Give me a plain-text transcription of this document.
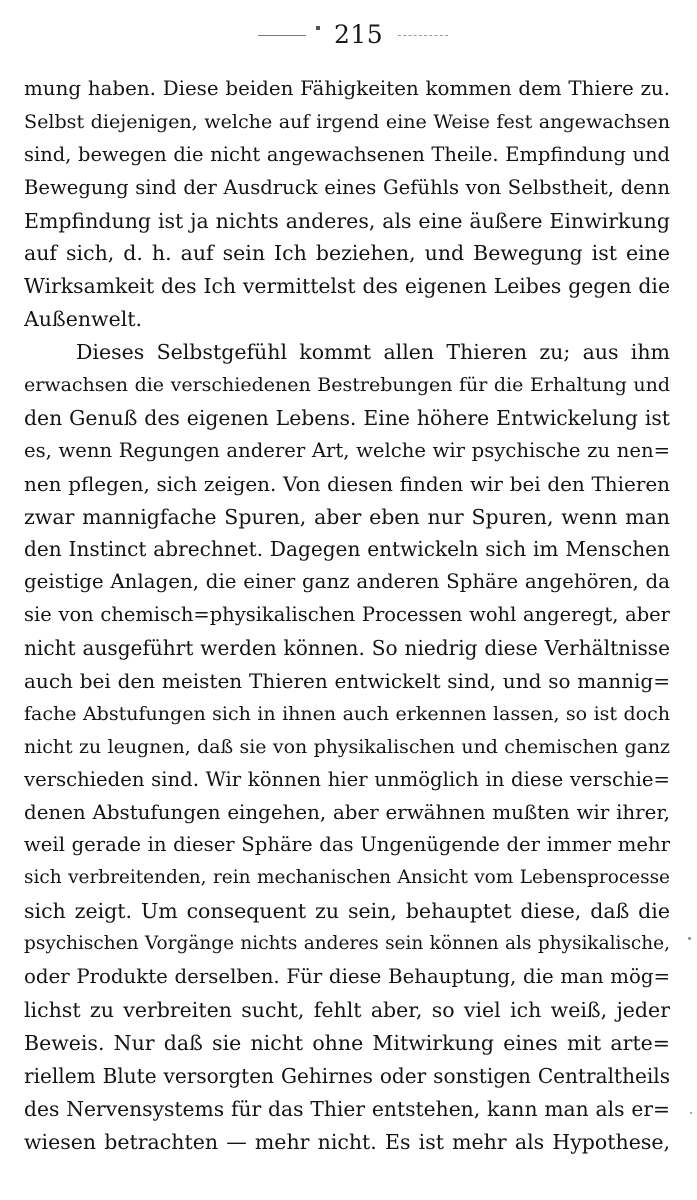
215
mung haben. Diese beiden Fähigkeiten kommen dem Thiere zu.
Selbst diejenigen, welche auf irgend eine Weise fest angewachsen
sind, bewegen die nicht angewachsenen Theile. Empfindung und
Bewegung sind der Ausdruck eines Gefühls von Selbstheit, denn
Empfindung ist ja nichts anderes, als eine äußere Einwirkung
auf sich, d. h. auf sein Ich beziehen, und Bewegung ist eine
Wirksamkeit des Ich vermittelst des eigenen Leibes gegen die
Außenwelt.
Dieses Selbstgefühl kommt allen Thieren zu; aus ihm
erwachsen die verschiedenen Bestrebungen für die Erhaltung und
den Genuß des eigenen Lebens. Eine höhere Entwickelung ist
es, wenn Regungen anderer Art, welche wir psychische zu nen=
nen pflegen, sich zeigen. Von diesen finden wir bei den Thieren
zwar mannigfache Spuren, aber eben nur Spuren, wenn man
den Instinct abrechnet. Dagegen entwickeln sich im Menschen
geistige Anlagen, die einer ganz anderen Sphäre angehören, da
sie von chemisch=physikalischen Processen wohl angeregt, aber
nicht ausgeführt werden können. So niedrig diese Verhältnisse
auch bei den meisten Thieren entwickelt sind, und so mannig=
fache Abstufungen sich in ihnen auch erkennen lassen, so ist doch
nicht zu leugnen, daß sie von physikalischen und chemischen ganz
verschieden sind. Wir können hier unmöglich in diese verschie=
denen Abstufungen eingehen, aber erwähnen mußten wir ihrer,
weil gerade in dieser Sphäre das Ungenügende der immer mehr
sich verbreitenden, rein mechanischen Ansicht vom Lebensprocesse
sich zeigt. Um consequent zu sein, behauptet diese, daß die
psychischen Vorgänge nichts anderes sein können als physikalische,
oder Produkte derselben. Für diese Behauptung, die man mög=
lichst zu verbreiten sucht, fehlt aber, so viel ich weiß, jeder
Beweis. Nur daß sie nicht ohne Mitwirkung eines mit arte=
riellem Blute versorgten Gehirnes oder sonstigen Centraltheils
des Nervensystems für das Thier entstehen, kann man als er=
wiesen betrachten — mehr nicht. Es ist mehr als Hypothese,
